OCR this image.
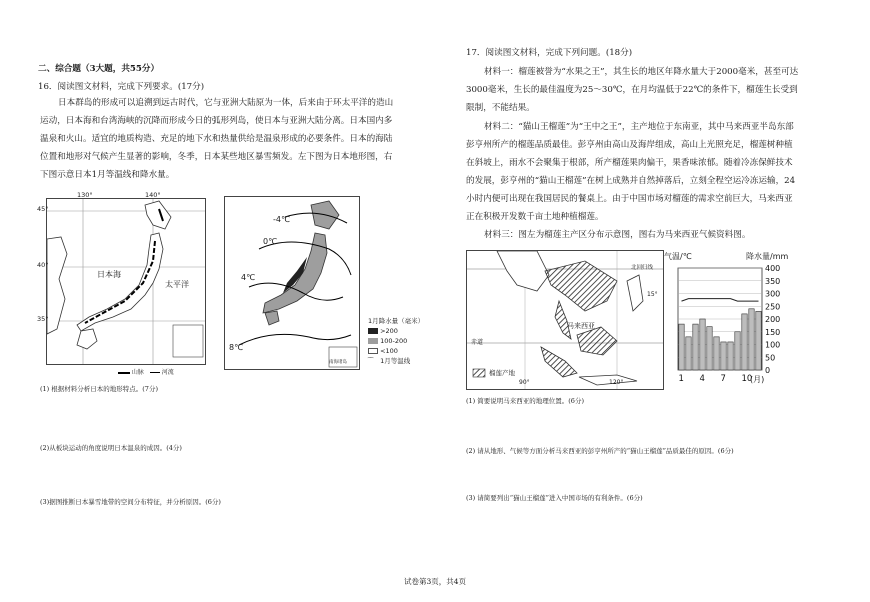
二、综合题（3大题，共55分）
16．阅读图文材料，完成下列要求。(17分)
日本群岛的形成可以追溯到远古时代，它与亚洲大陆原为一体，后来由于环太平洋的造山
运动，日本海和台湾海峡的沉降而形成今日的弧形列岛，使日本与亚洲大陆分离。日本国内多
温泉和火山。适宜的地质构造、充足的地下水和热量供给是温泉形成的必要条件。日本的海陆
位置和地形对气候产生显著的影响，冬季，日本某些地区暴雪频发。左下图为日本地形图，右
下图示意日本1月等温线和降水量。
130°	140°
45°
40°
35°
日本海
太平洋
山脉	河流
-4℃
0℃
4℃
8℃
南海诸岛
1月降水量（毫米）
>200
100-200
<100
⁀ 1月等温线
(1) 根据材料分析日本的地形特点。(7分)
(2)从板块运动的角度说明日本温泉的成因。(4分)
(3)据图推断日本暴雪地带的空间分布特征，并分析原因。(6分)
17．阅读图文材料，完成下列问题。(18分)
材料一：榴莲被誉为“水果之王”，其生长的地区年降水量大于2000毫米，甚至可达
3000毫米，生长的最佳温度为25～30℃，在月均温低于22℃的条件下，榴莲生长受到
限制，不能结果。
材料二：“猫山王榴莲”为“王中之王”，主产地位于东南亚，其中马来西亚半岛东部
彭亨州所产的榴莲品质最佳。彭亨州由高山及海岸组成，高山上光照充足，榴莲树种植
在斜坡上，雨水不会聚集于根部，所产榴莲果肉偏干，果香味浓郁。随着冷冻保鲜技术
的发展，彭亨州的“猫山王榴莲”在树上成熟并自然掉落后，立刻全程空运冷冻运输，24
小时内便可出现在我国居民的餐桌上。由于中国市场对榴莲的需求空前巨大，马来西亚
正在积极开发数千亩土地种植榴莲。
材料三：图左为榴莲主产区分布示意图，图右为马来西亚气候资料图。
北回归线
15°
马来西亚
赤道
90°	120°
榴莲产地
气温/℃	降水量/mm
0
50
100
150
200
250
300
350
400
1 4 7 10
(月)
(1) 简要说明马来西亚的地理位置。(6分)
(2) 请从地形、气候等方面分析马来西亚的彭亨州所产的“猫山王榴莲”品质最佳的原因。(6分)
(3) 请简要列出“猫山王榴莲”进入中国市场的有利条件。(6分)
试卷第3页，共4页
